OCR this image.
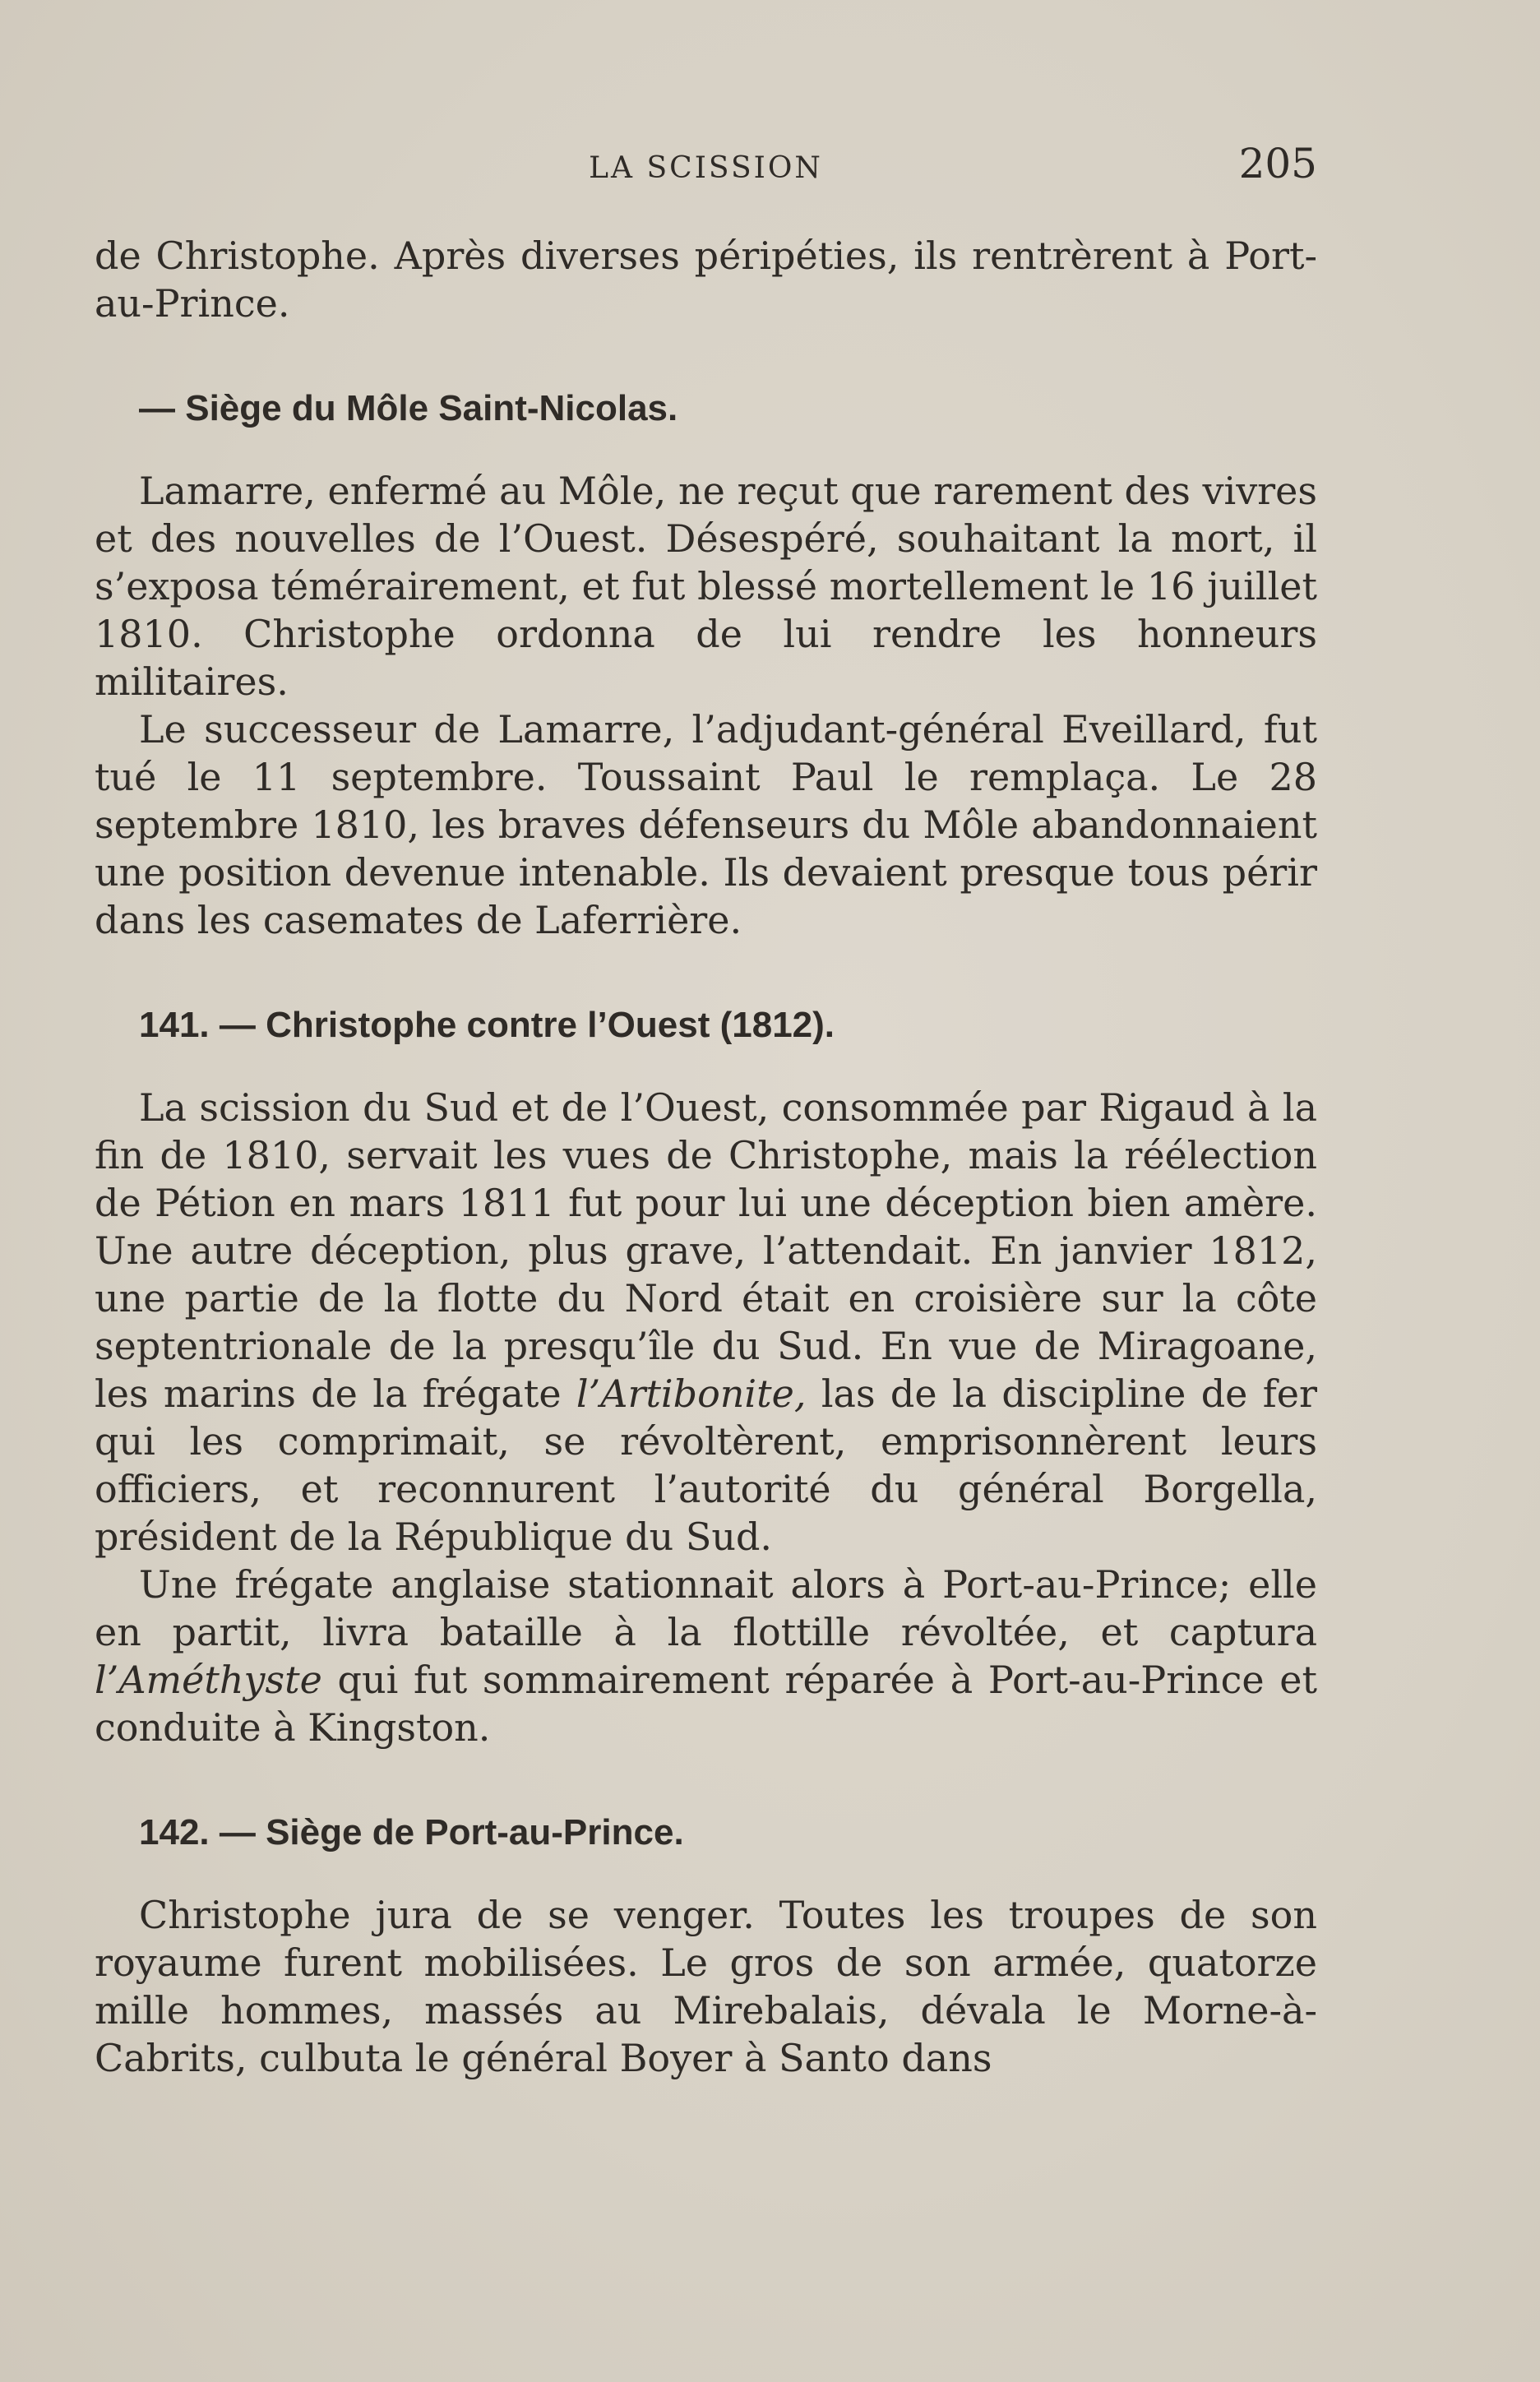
LA SCISSION	205

de Christophe. Après diverses péripéties, ils rentrèrent à Port-au-Prince.

— Siège du Môle Saint-Nicolas.

Lamarre, enfermé au Môle, ne reçut que rarement des vivres et des nouvelles de l’Ouest. Désespéré, souhaitant la mort, il s’exposa témérairement, et fut blessé mortellement le 16 juillet 1810. Christophe ordonna de lui rendre les honneurs militaires.

Le successeur de Lamarre, l’adjudant-général Eveillard, fut tué le 11 septembre. Toussaint Paul le remplaça. Le 28 septembre 1810, les braves défenseurs du Môle abandonnaient une position devenue intenable. Ils devaient presque tous périr dans les casemates de Laferrière.

141. — Christophe contre l’Ouest (1812).

La scission du Sud et de l’Ouest, consommée par Rigaud à la fin de 1810, servait les vues de Christophe, mais la réélection de Pétion en mars 1811 fut pour lui une déception bien amère. Une autre déception, plus grave, l’attendait. En janvier 1812, une partie de la flotte du Nord était en croisière sur la côte septentrionale de la presqu’île du Sud. En vue de Miragoane, les marins de la frégate l’Artibonite, las de la discipline de fer qui les comprimait, se révoltèrent, emprisonnèrent leurs officiers, et reconnurent l’autorité du général Borgella, président de la République du Sud.

Une frégate anglaise stationnait alors à Port-au-Prince; elle en partit, livra bataille à la flottille révoltée, et captura l’Améthyste qui fut sommairement réparée à Port-au-Prince et conduite à Kingston.

142. — Siège de Port-au-Prince.

Christophe jura de se venger. Toutes les troupes de son royaume furent mobilisées. Le gros de son armée, quatorze mille hommes, massés au Mirebalais, dévala le Morne-à-Cabrits, culbuta le général Boyer à Santo dans
